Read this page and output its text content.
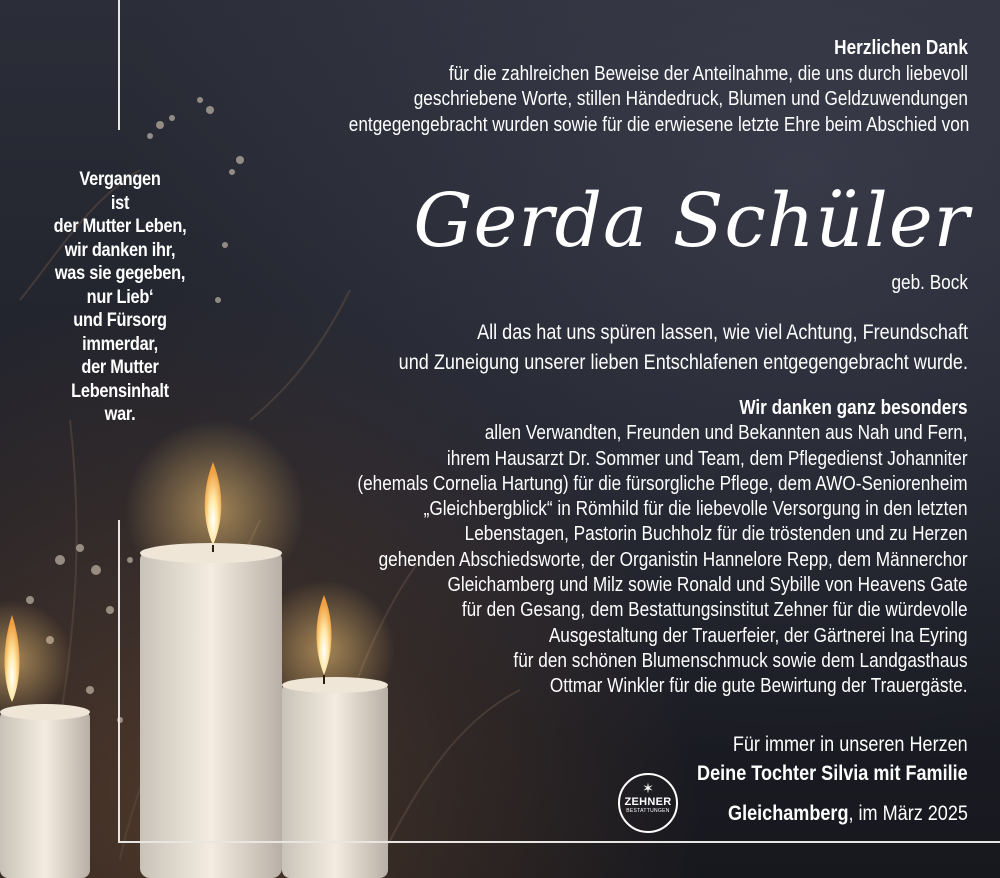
Vergangen
ist
der Mutter Leben,
wir danken ihr,
was sie gegeben,
nur Lieb‘
und Fürsorg
immerdar,
der Mutter
Lebensinhalt
war.
Herzlichen Dank
für die zahlreichen Beweise der Anteilnahme, die uns durch liebevoll
geschriebene Worte, stillen Händedruck, Blumen und Geldzuwendungen
entgegengebracht wurden sowie für die erwiesene letzte Ehre beim Abschied von
Gerda Schüler
geb. Bock
All das hat uns spüren lassen, wie viel Achtung, Freundschaft
und Zuneigung unserer lieben Entschlafenen entgegengebracht wurde.
Wir danken ganz besonders
allen Verwandten, Freunden und Bekannten aus Nah und Fern,
ihrem Hausarzt Dr. Sommer und Team, dem Pflegedienst Johanniter
(ehemals Cornelia Hartung) für die fürsorgliche Pflege, dem AWO-Seniorenheim
„Gleichbergblick“ in Römhild für die liebevolle Versorgung in den letzten
Lebenstagen, Pastorin Buchholz für die tröstenden und zu Herzen
gehenden Abschiedsworte, der Organistin Hannelore Repp, dem Männerchor
Gleichamberg und Milz sowie Ronald und Sybille von Heavens Gate
für den Gesang, dem Bestattungsinstitut Zehner für die würdevolle
Ausgestaltung der Trauerfeier, der Gärtnerei Ina Eyring
für den schönen Blumenschmuck sowie dem Landgasthaus
Ottmar Winkler für die gute Bewirtung der Trauergäste.
Für immer in unseren Herzen
Deine Tochter Silvia mit Familie
Gleichamberg, im März 2025
✶
ZEHNER
BESTATTUNGEN
